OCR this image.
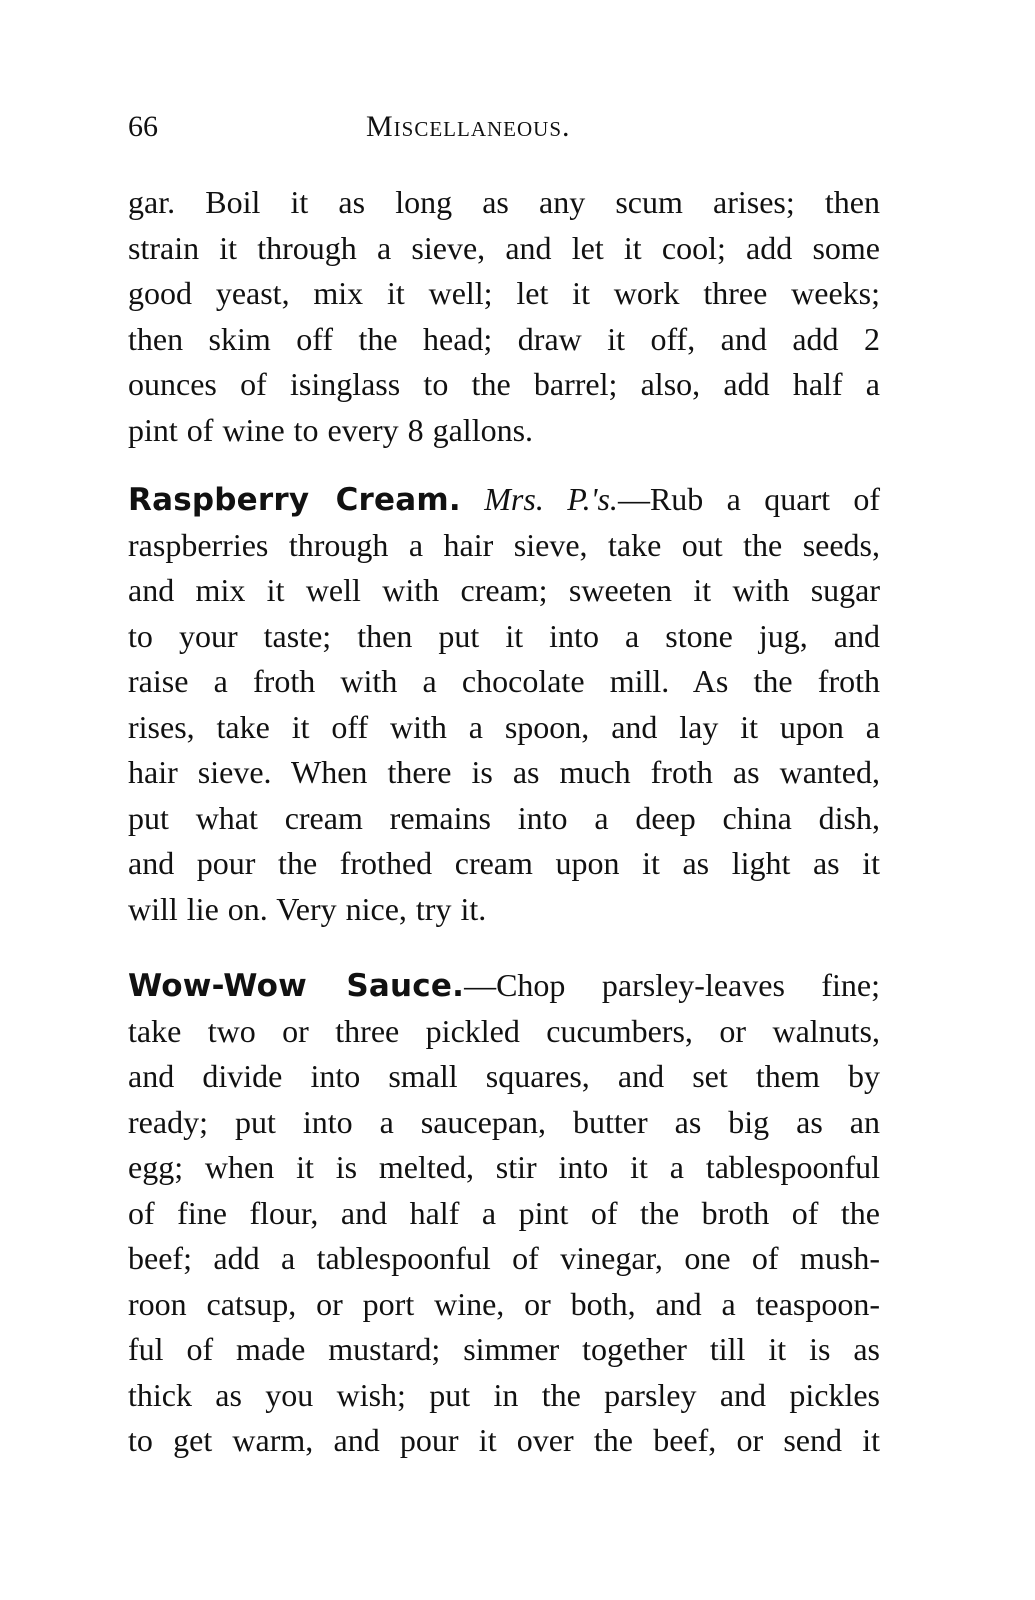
66	Miscellaneous.
gar. Boil it as long as any scum arises; then
strain it through a sieve, and let it cool; add some
good yeast, mix it well; let it work three weeks;
then skim off the head; draw it off, and add 2
ounces of isinglass to the barrel; also, add half a
pint of wine to every 8 gallons.
Raspberry Cream. Mrs. P.'s.—Rub a quart of
raspberries through a hair sieve, take out the seeds,
and mix it well with cream; sweeten it with sugar
to your taste; then put it into a stone jug, and
raise a froth with a chocolate mill. As the froth
rises, take it off with a spoon, and lay it upon a
hair sieve. When there is as much froth as wanted,
put what cream remains into a deep china dish,
and pour the frothed cream upon it as light as it
will lie on. Very nice, try it.
Wow-Wow Sauce.—Chop parsley-leaves fine;
take two or three pickled cucumbers, or walnuts,
and divide into small squares, and set them by
ready; put into a saucepan, butter as big as an
egg; when it is melted, stir into it a tablespoonful
of fine flour, and half a pint of the broth of the
beef; add a tablespoonful of vinegar, one of mush-
roon catsup, or port wine, or both, and a teaspoon-
ful of made mustard; simmer together till it is as
thick as you wish; put in the parsley and pickles
to get warm, and pour it over the beef, or send it
